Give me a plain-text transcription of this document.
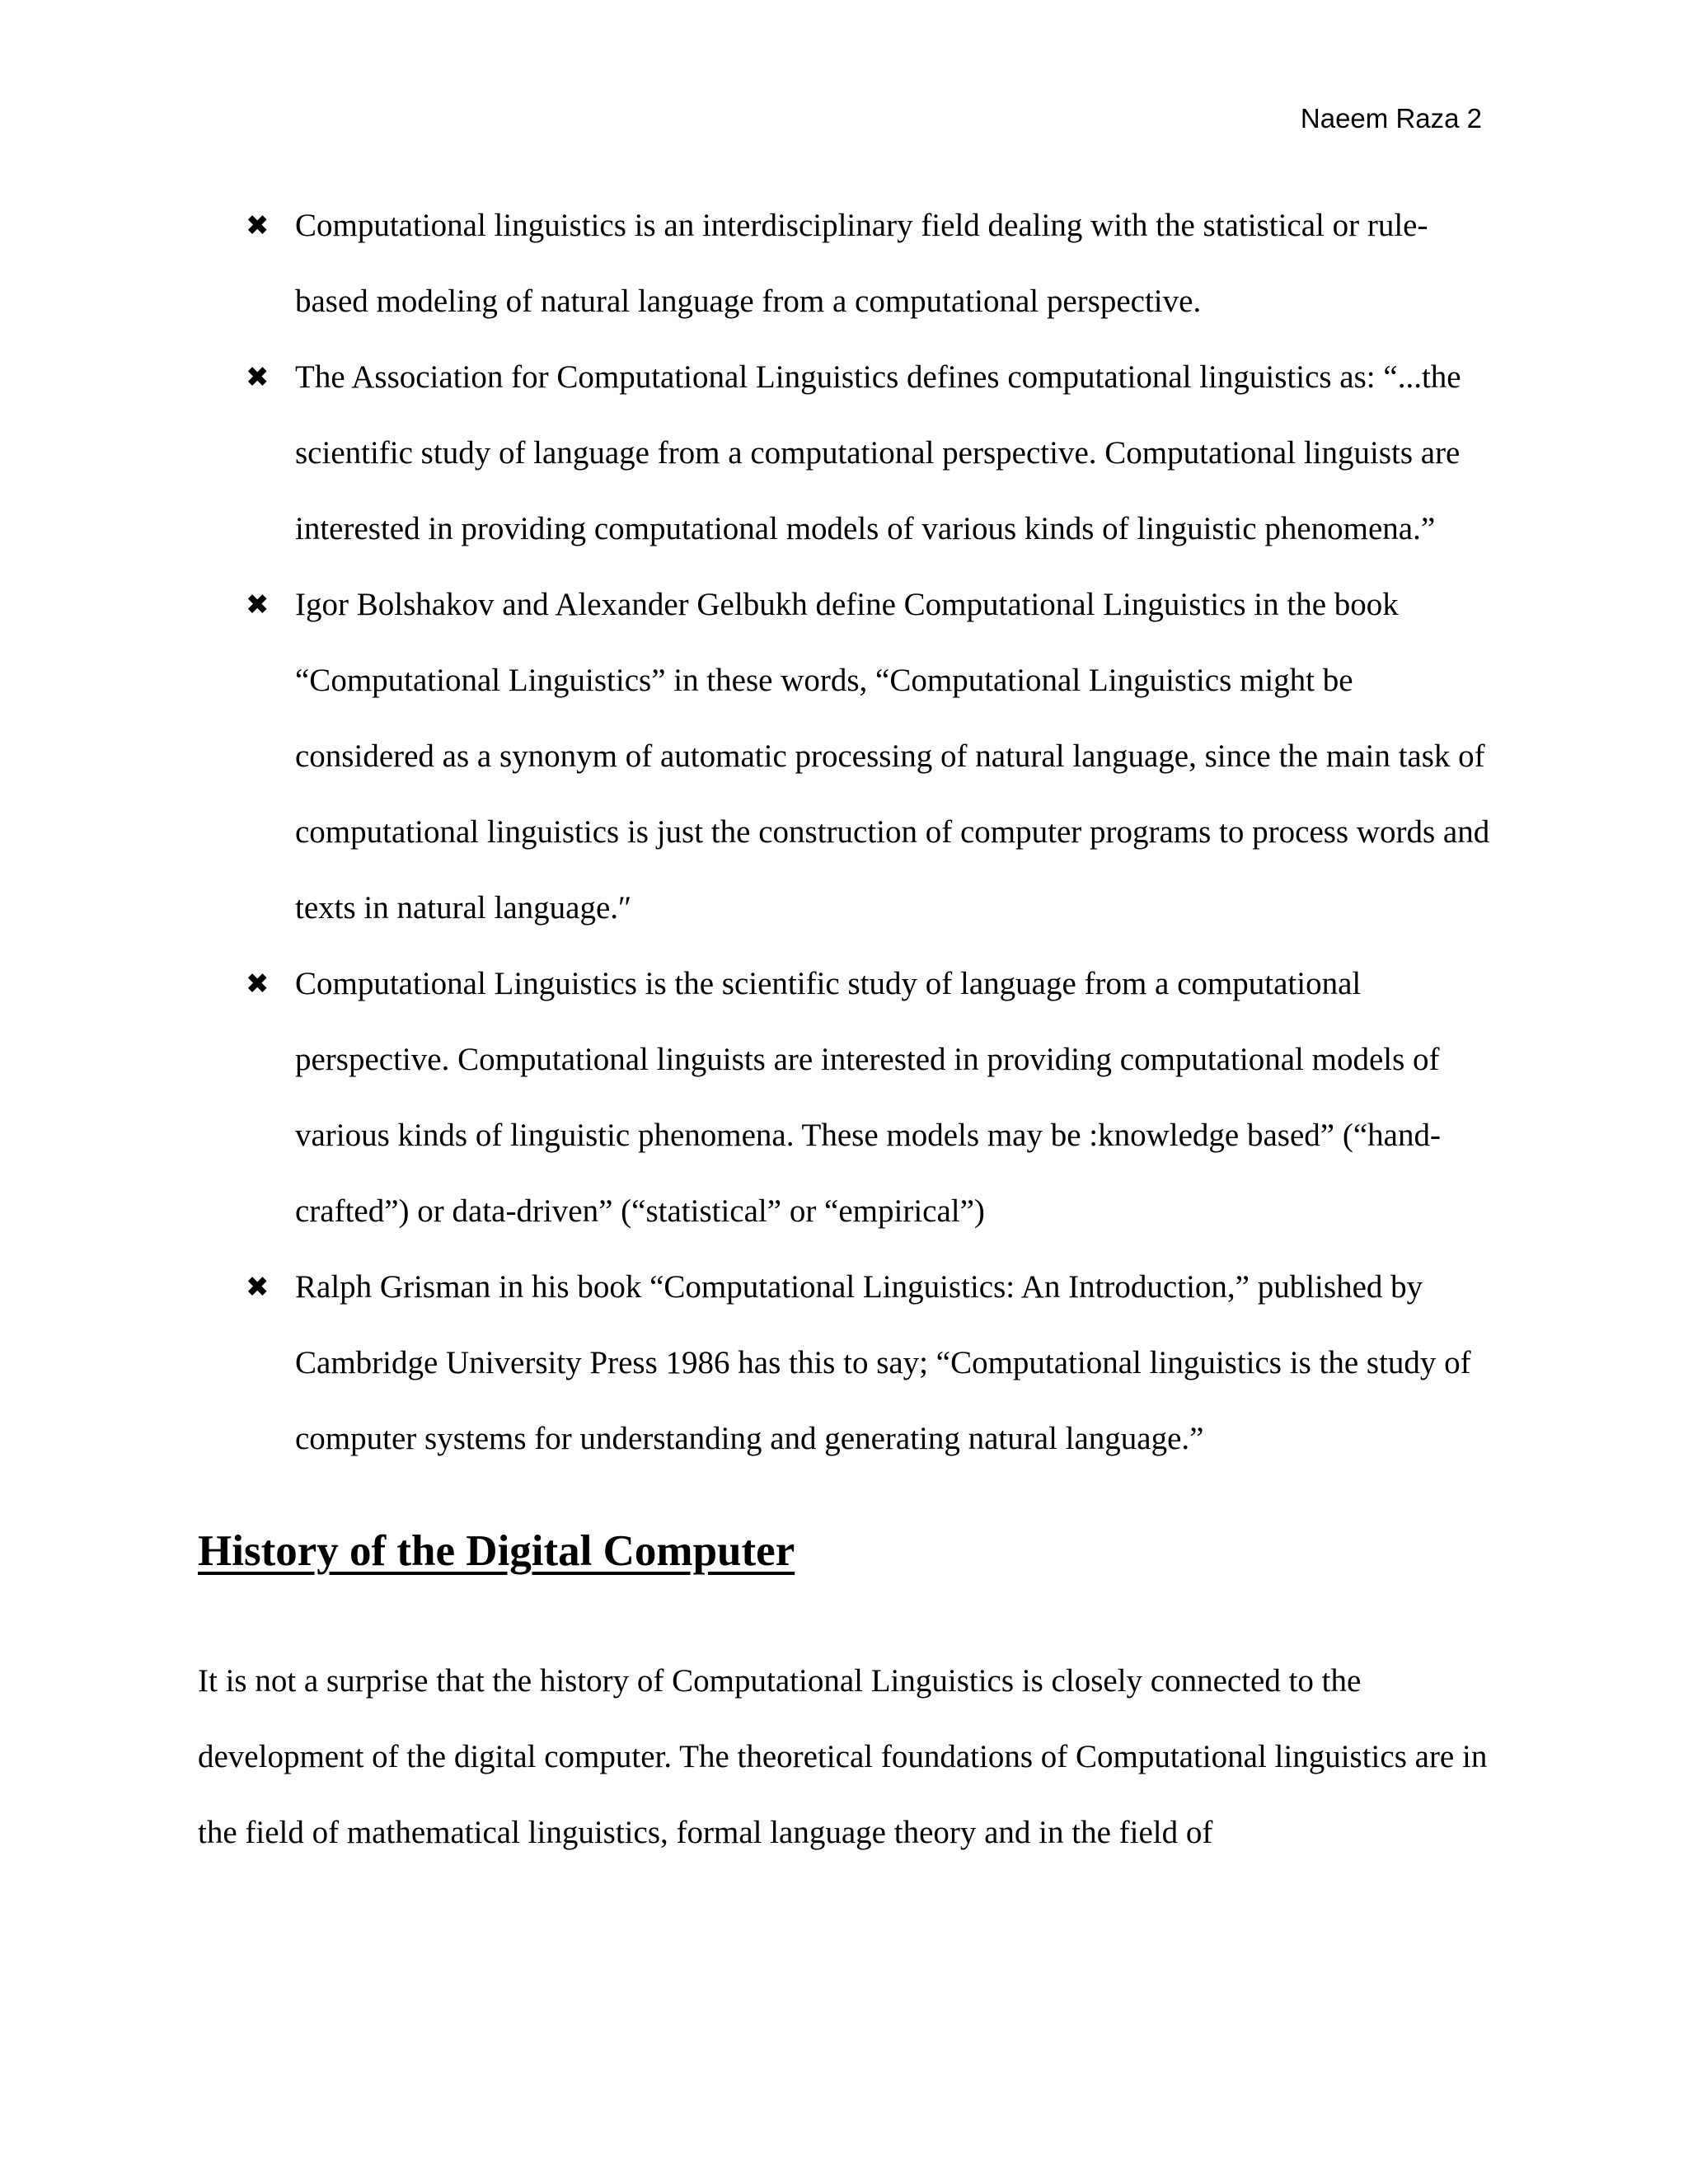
Naeem Raza 2
✖ Computational linguistics is an interdisciplinary field dealing with the statistical or rule-based modeling of natural language from a computational perspective.
✖ The Association for Computational Linguistics defines computational linguistics as: “...the scientific study of language from a computational perspective. Computational linguists are interested in providing computational models of various kinds of linguistic phenomena.”
✖ Igor Bolshakov and Alexander Gelbukh define Computational Linguistics in the book “Computational Linguistics” in these words, “Computational Linguistics might be considered as a synonym of automatic processing of natural language, since the main task of computational linguistics is just the construction of computer programs to process words and texts in natural language.″
✖ Computational Linguistics is the scientific study of language from a computational perspective. Computational linguists are interested in providing computational models of various kinds of linguistic phenomena. These models may be :knowledge based” (“hand-crafted”) or data-driven” (“statistical” or “empirical”)
✖ Ralph Grisman in his book “Computational Linguistics: An Introduction,” published by Cambridge University Press 1986 has this to say; “Computational linguistics is the study of computer systems for understanding and generating natural language.”
History of the Digital Computer

It is not a surprise that the history of Computational Linguistics is closely connected to the development of the digital computer. The theoretical foundations of Computational linguistics are in the field of mathematical linguistics, formal language theory and in the field of
